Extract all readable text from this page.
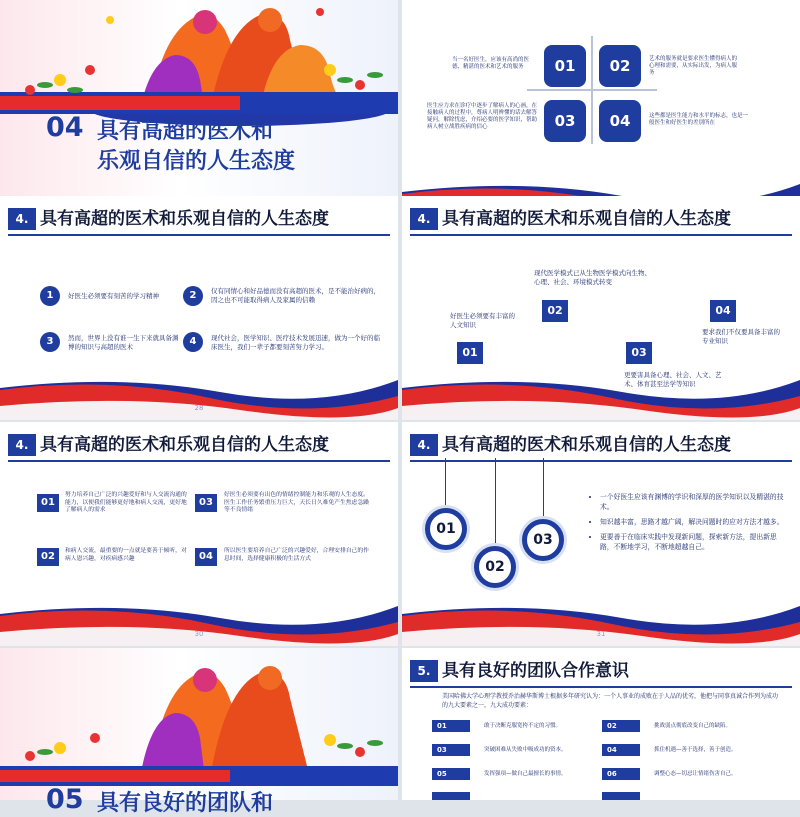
04 具有高超的医术和
乐观自信的人生态度
01	02
03	04
当一名好医生，应该有高尚的医德、精湛的医术和艺术的服务
艺术的服务就是要求医生懂得病人的心理和需要，从实际出发，为病人服务
医生应力求在诊疗中逐步了解病人的心画，在接触病人的过程中，尊病人明辨懂的话去解答疑问，解除忧虑，介绍必要的医学知识，帮助病人树立战胜疾病的信心
这些都是医生能力和水平的标志，也是一般医生和好医生的差别所在
4. 具有高超的医术和乐观自信的人生态度
1	好医生必须要有刻苦的学习精神	2	仅有同情心和好品德而没有高超的医术，是不能治好病的，因之也不可能取得病人及家属的信赖
3	然而，世界上没有谁一生下来就具备渊博的知识与高超的医术	4	现代社会，医学知识、医疗技术发展迅速，做为一个好的临床医生，我们一辈子都要刻苦努力学习。
28
4. 具有高超的医术和乐观自信的人生态度
01
好医生必须要有丰富的人文知识
02
现代医学模式已从生物医学模式向生物、心理、社会、环境模式转变
03
更要害具备心理、社会、人文、艺术、体育甚至法学等知识
04
要求我们不仅要具备丰富的专业知识
4. 具有高超的医术和乐观自信的人生态度
01
努力培养自己广泛的兴趣爱好和与人交流沟通的能力，以便我们能够更好地和病人交流，更好地了解病人的需求
03
好医生必须要有出色的情绪控制能力和乐观的人生态度。医生工作任务繁重压力巨大，天长日久难免产生焦虑急躁等不良情绪
02	和病人交流，最重要的一点就是要善于倾听，对病人恩兴趣，对疾病感兴趣	04	所以医生要培养自己广泛的兴趣爱好，合理安排自己的作息时间，选择健康积极的生活方式
30
4. 具有高超的医术和乐观自信的人生态度
01
02
03
• 一个好医生应该有渊博的学识和深厚的医学知识以及精湛的技术。
• 知识越丰富，思路才越广阔，解决问题时的应对方法才越多。
• 更要善于在临床实践中发现新问题，探索新方法，提出新思路，不断地学习，不断地超越自己。
31
05 具有良好的团队和
5. 具有良好的团队合作意识
美国哈佛大学心理学教授乔治赫华斯博士根据多年研究认为：一个人事业的成败在于人品的优劣，他把与同事真诚合作列为成功的九大要素之一，九大成功要素：
01	敢于决断克服宽挎不定的习惯。	02	挑战弱点彻底改变自己的缺陷。
03	突破困难从失败中吸成功的资本。	04	抓住机遇—善于选择，善于创造。
05	发挥强项—做自己最擅长的事情。	06	调整心态—切忌让情绪伤害自己。
